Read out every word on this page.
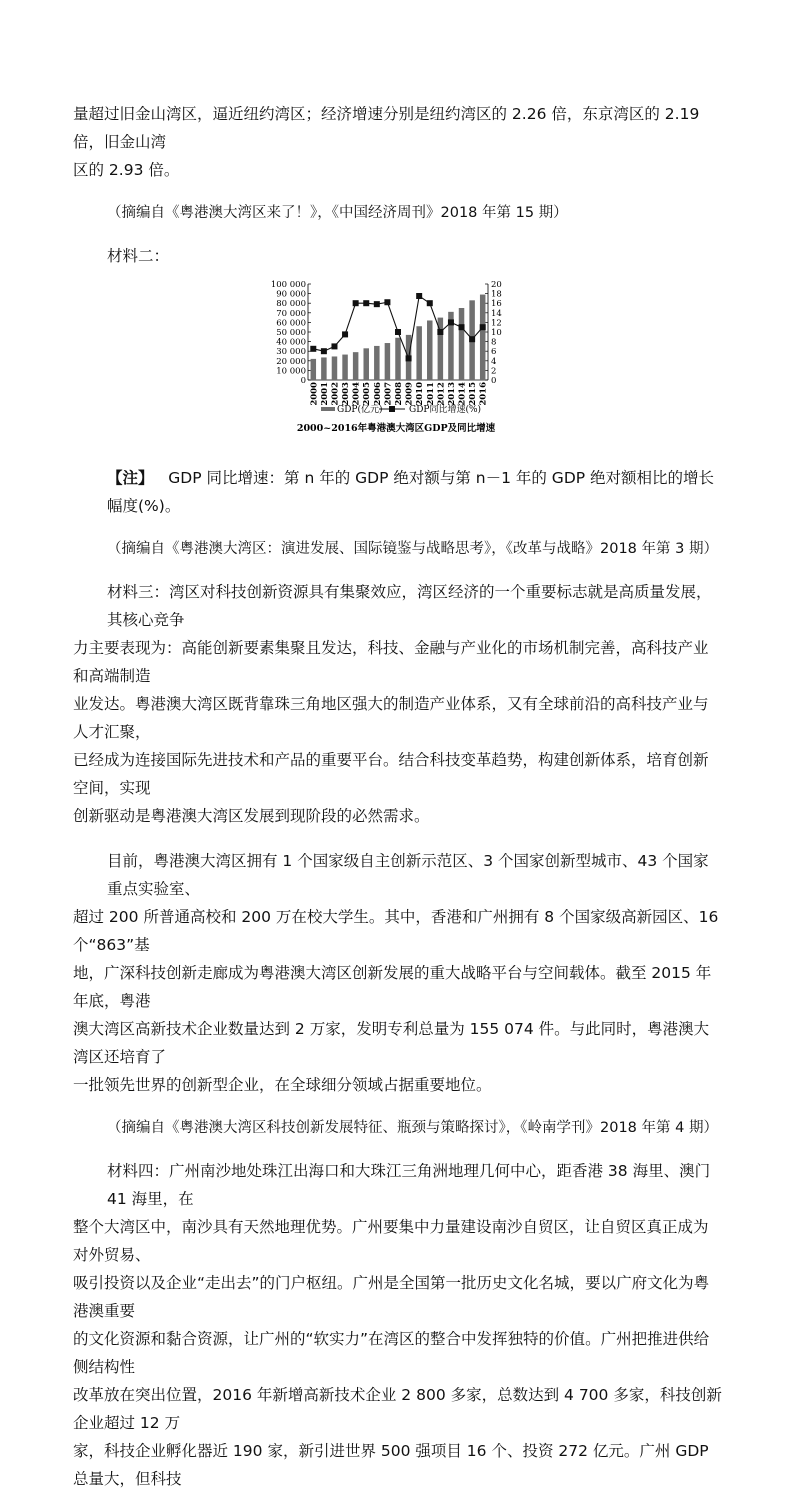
量超过旧金山湾区，逼近纽约湾区；经济增速分别是纽约湾区的 2.26 倍，东京湾区的 2.19 倍，旧金山湾

区的 2.93 倍。

（摘编自《粤港澳大湾区来了！》，《中国经济周刊》2018 年第 15 期）

材料二：

0
10 000
20 000
30 000
40 000
50 000
60 000
70 000
80 000
90 000
100 000
0
2
4
6
8
10
12
14
16
18
20
2000 2001 2002 2003 2004 2005 2006 2007 2008 2009 2010 2011 2012 2013 2014 2015 2016
GDP(亿元)	GDP同比增速(%)
2000~2016年粤港澳大湾区GDP及同比增速

【注】 GDP 同比增速：第 n 年的 GDP 绝对额与第 n－1 年的 GDP 绝对额相比的增长幅度(%)。

（摘编自《粤港澳大湾区：演进发展、国际镜鉴与战略思考》，《改革与战略》2018 年第 3 期）

材料三：湾区对科技创新资源具有集聚效应，湾区经济的一个重要标志就是高质量发展，其核心竞争

力主要表现为：高能创新要素集聚且发达，科技、金融与产业化的市场机制完善，高科技产业和高端制造

业发达。粤港澳大湾区既背靠珠三角地区强大的制造产业体系，又有全球前沿的高科技产业与人才汇聚，

已经成为连接国际先进技术和产品的重要平台。结合科技变革趋势，构建创新体系，培育创新空间，实现

创新驱动是粤港澳大湾区发展到现阶段的必然需求。

目前，粤港澳大湾区拥有 1 个国家级自主创新示范区、3 个国家创新型城市、43 个国家重点实验室、

超过 200 所普通高校和 200 万在校大学生。其中，香港和广州拥有 8 个国家级高新园区、16 个“863”基

地，广深科技创新走廊成为粤港澳大湾区创新发展的重大战略平台与空间载体。截至 2015 年年底，粤港

澳大湾区高新技术企业数量达到 2 万家，发明专利总量为 155 074 件。与此同时，粤港澳大湾区还培育了

一批领先世界的创新型企业，在全球细分领域占据重要地位。

（摘编自《粤港澳大湾区科技创新发展特征、瓶颈与策略探讨》，《岭南学刊》2018 年第 4 期）

材料四：广州南沙地处珠江出海口和大珠江三角洲地理几何中心，距香港 38 海里、澳门 41 海里，在

整个大湾区中，南沙具有天然地理优势。广州要集中力量建设南沙自贸区，让自贸区真正成为对外贸易、

吸引投资以及企业“走出去”的门户枢纽。广州是全国第一批历史文化名城，要以广府文化为粤港澳重要

的文化资源和黏合资源，让广州的“软实力”在湾区的整合中发挥独特的价值。广州把推进供给侧结构性

改革放在突出位置，2016 年新增高新技术企业 2 800 多家，总数达到 4 700 多家，科技创新企业超过 12 万

家，科技企业孵化器近 190 家，新引进世界 500 强项目 16 个、投资 272 亿元。广州 GDP 总量大，但科技
